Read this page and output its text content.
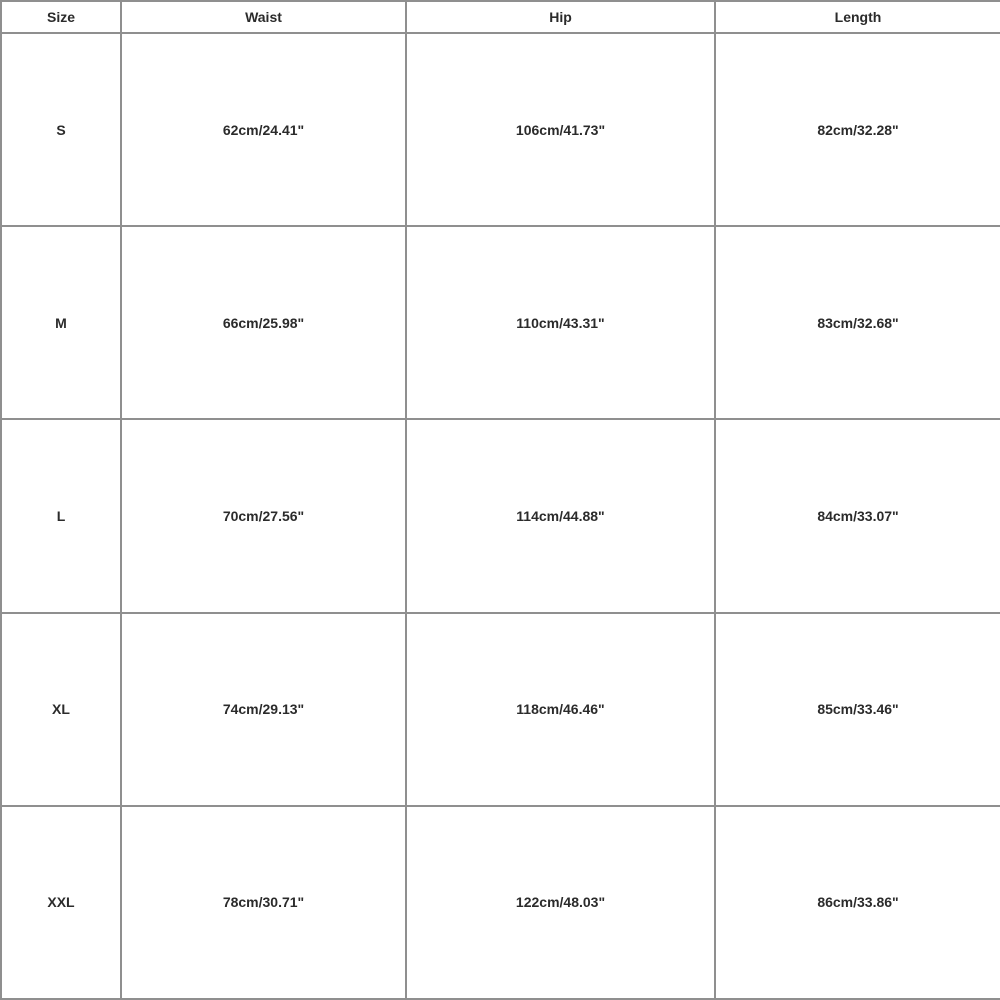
Size	Waist	Hip	Length
S	62cm/24.41"	106cm/41.73"	82cm/32.28"
M	66cm/25.98"	110cm/43.31"	83cm/32.68"
L	70cm/27.56"	114cm/44.88"	84cm/33.07"
XL	74cm/29.13"	118cm/46.46"	85cm/33.46"
XXL	78cm/30.71"	122cm/48.03"	86cm/33.86"
